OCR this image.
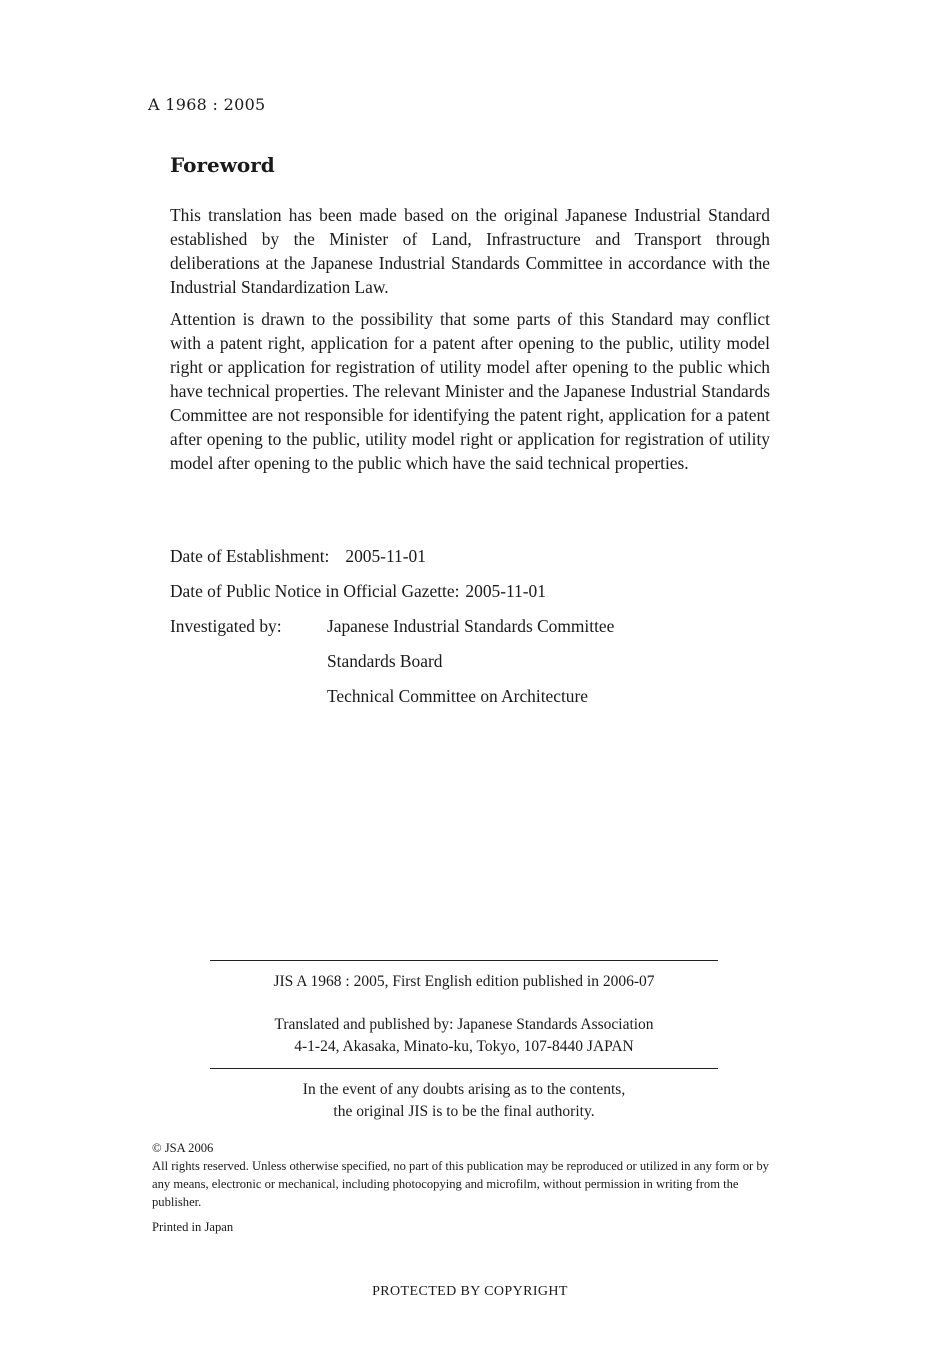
A 1968 : 2005
Foreword

This translation has been made based on the original Japanese Industrial Standard established by the Minister of Land, Infrastructure and Transport through deliberations at the Japanese Industrial Standards Committee in accordance with the Industrial Standardization Law.

Attention is drawn to the possibility that some parts of this Standard may conflict with a patent right, application for a patent after opening to the public, utility model right or application for registration of utility model after opening to the public which have technical properties. The relevant Minister and the Japanese Industrial Standards Committee are not responsible for identifying the patent right, application for a patent after opening to the public, utility model right or application for registration of utility model after opening to the public which have the said technical properties.

Date of Establishment: 2005-11-01
Date of Public Notice in Official Gazette: 2005-11-01
Investigated by:	Japanese Industrial Standards Committee
Standards Board
Technical Committee on Architecture
JIS A 1968 : 2005, First English edition published in 2006-07
Translated and published by: Japanese Standards Association
4-1-24, Akasaka, Minato-ku, Tokyo, 107-8440 JAPAN
In the event of any doubts arising as to the contents,
the original JIS is to be the final authority.

© JSA 2006

All rights reserved. Unless otherwise specified, no part of this publication may be reproduced or utilized in any form or by any means, electronic or mechanical, including photocopying and microfilm, without permission in writing from the publisher.

Printed in Japan

PROTECTED BY COPYRIGHT
